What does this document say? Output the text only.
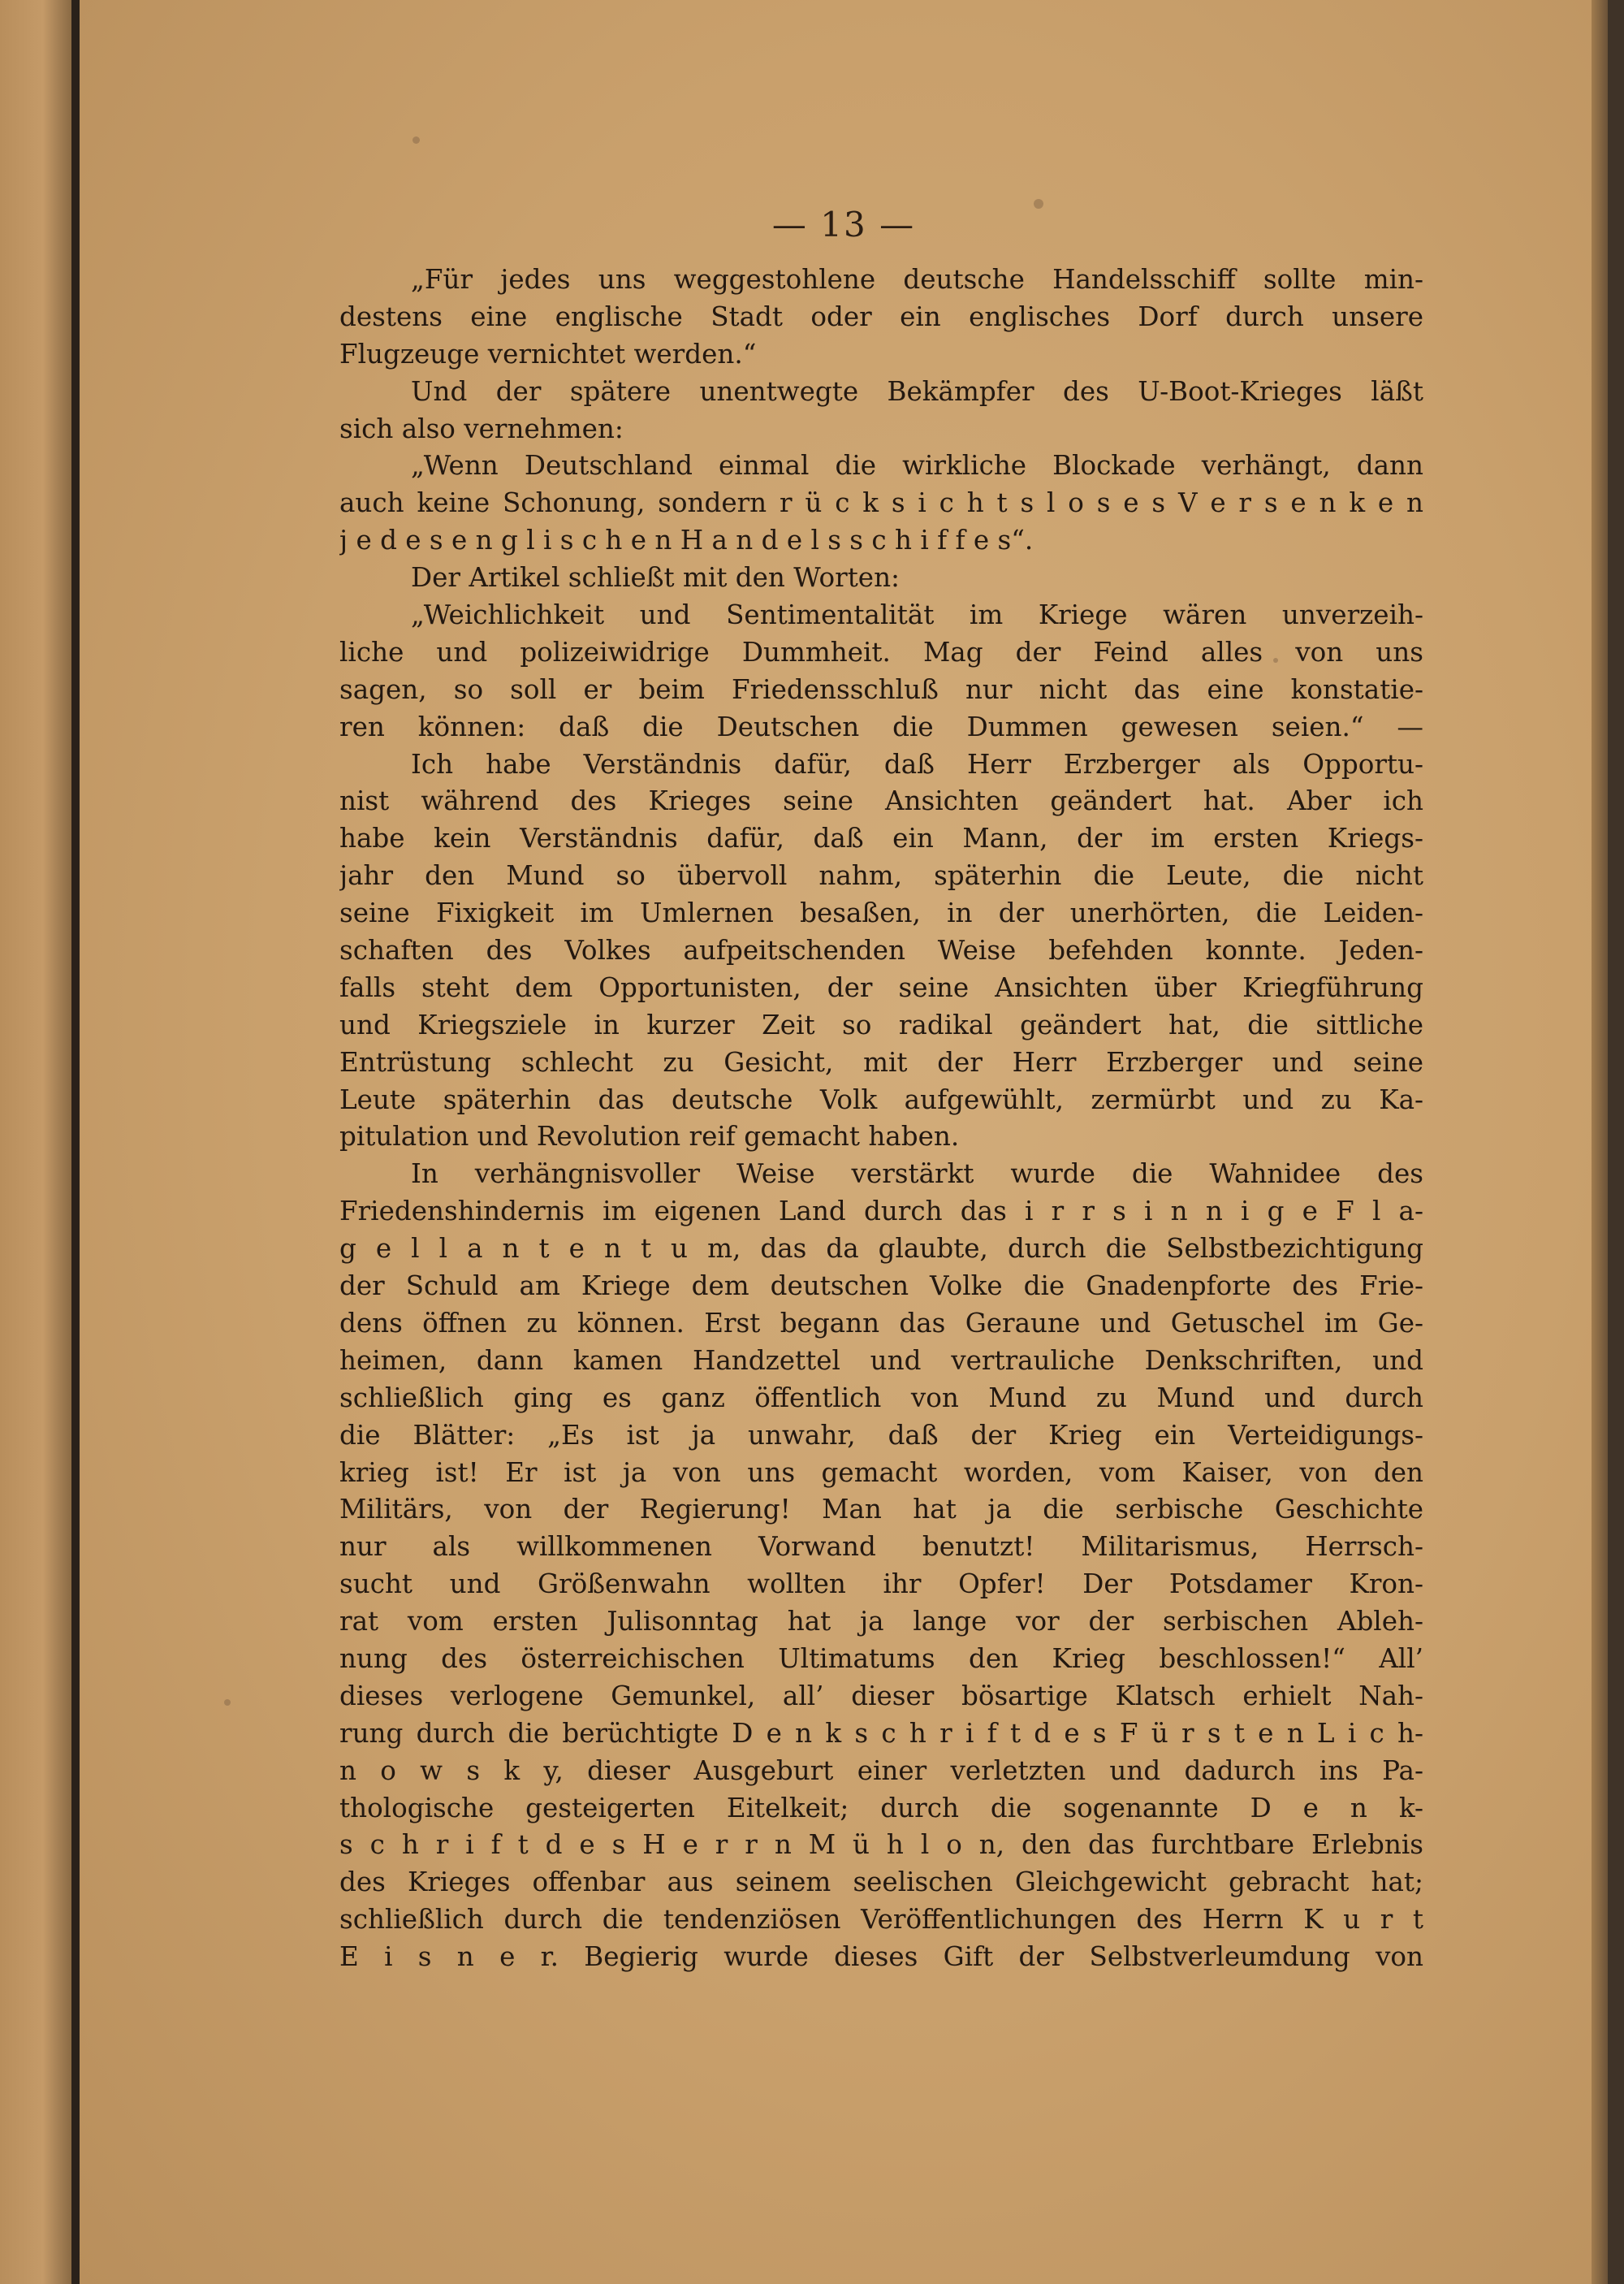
— 13 —
„Für jedes uns weggestohlene deutsche Handelsschiff sollte min-
destens eine englische Stadt oder ein englisches Dorf durch unsere
Flugzeuge vernichtet werden.“
Und der spätere unentwegte Bekämpfer des U-Boot-Krieges läßt
sich also vernehmen:
„Wenn Deutschland einmal die wirkliche Blockade verhängt, dann
auch keine Schonung, sondern r ü c k s i c h t s l o s e s V e r s e n k e n
j e d e s e n g l i s c h e n H a n d e l s s c h i f f e s“.
Der Artikel schließt mit den Worten:
„Weichlichkeit und Sentimentalität im Kriege wären unverzeih-
liche und polizeiwidrige Dummheit. Mag der Feind alles von uns
sagen, so soll er beim Friedensschluß nur nicht das eine konstatie-
ren können: daß die Deutschen die Dummen gewesen seien.“ —
Ich habe Verständnis dafür, daß Herr Erzberger als Opportu-
nist während des Krieges seine Ansichten geändert hat. Aber ich
habe kein Verständnis dafür, daß ein Mann, der im ersten Kriegs-
jahr den Mund so übervoll nahm, späterhin die Leute, die nicht
seine Fixigkeit im Umlernen besaßen, in der unerhörten, die Leiden-
schaften des Volkes aufpeitschenden Weise befehden konnte. Jeden-
falls steht dem Opportunisten, der seine Ansichten über Kriegführung
und Kriegsziele in kurzer Zeit so radikal geändert hat, die sittliche
Entrüstung schlecht zu Gesicht, mit der Herr Erzberger und seine
Leute späterhin das deutsche Volk aufgewühlt, zermürbt und zu Ka-
pitulation und Revolution reif gemacht haben.
In verhängnisvoller Weise verstärkt wurde die Wahnidee des
Friedenshindernis im eigenen Land durch das i r r s i n n i g e F l a-
g e l l a n t e n t u m, das da glaubte, durch die Selbstbezichtigung
der Schuld am Kriege dem deutschen Volke die Gnadenpforte des Frie-
dens öffnen zu können. Erst begann das Geraune und Getuschel im Ge-
heimen, dann kamen Handzettel und vertrauliche Denkschriften, und
schließlich ging es ganz öffentlich von Mund zu Mund und durch
die Blätter: „Es ist ja unwahr, daß der Krieg ein Verteidigungs-
krieg ist! Er ist ja von uns gemacht worden, vom Kaiser, von den
Militärs, von der Regierung! Man hat ja die serbische Geschichte
nur als willkommenen Vorwand benutzt! Militarismus, Herrsch-
sucht und Größenwahn wollten ihr Opfer! Der Potsdamer Kron-
rat vom ersten Julisonntag hat ja lange vor der serbischen Ableh-
nung des österreichischen Ultimatums den Krieg beschlossen!“ All’
dieses verlogene Gemunkel, all’ dieser bösartige Klatsch erhielt Nah-
rung durch die berüchtigte D e n k s c h r i f t d e s F ü r s t e n L i c h-
n o w s k y, dieser Ausgeburt einer verletzten und dadurch ins Pa-
thologische gesteigerten Eitelkeit; durch die sogenannte D e n k-
s c h r i f t d e s H e r r n M ü h l o n, den das furchtbare Erlebnis
des Krieges offenbar aus seinem seelischen Gleichgewicht gebracht hat;
schließlich durch die tendenziösen Veröffentlichungen des Herrn K u r t
E i s n e r. Begierig wurde dieses Gift der Selbstverleumdung von
